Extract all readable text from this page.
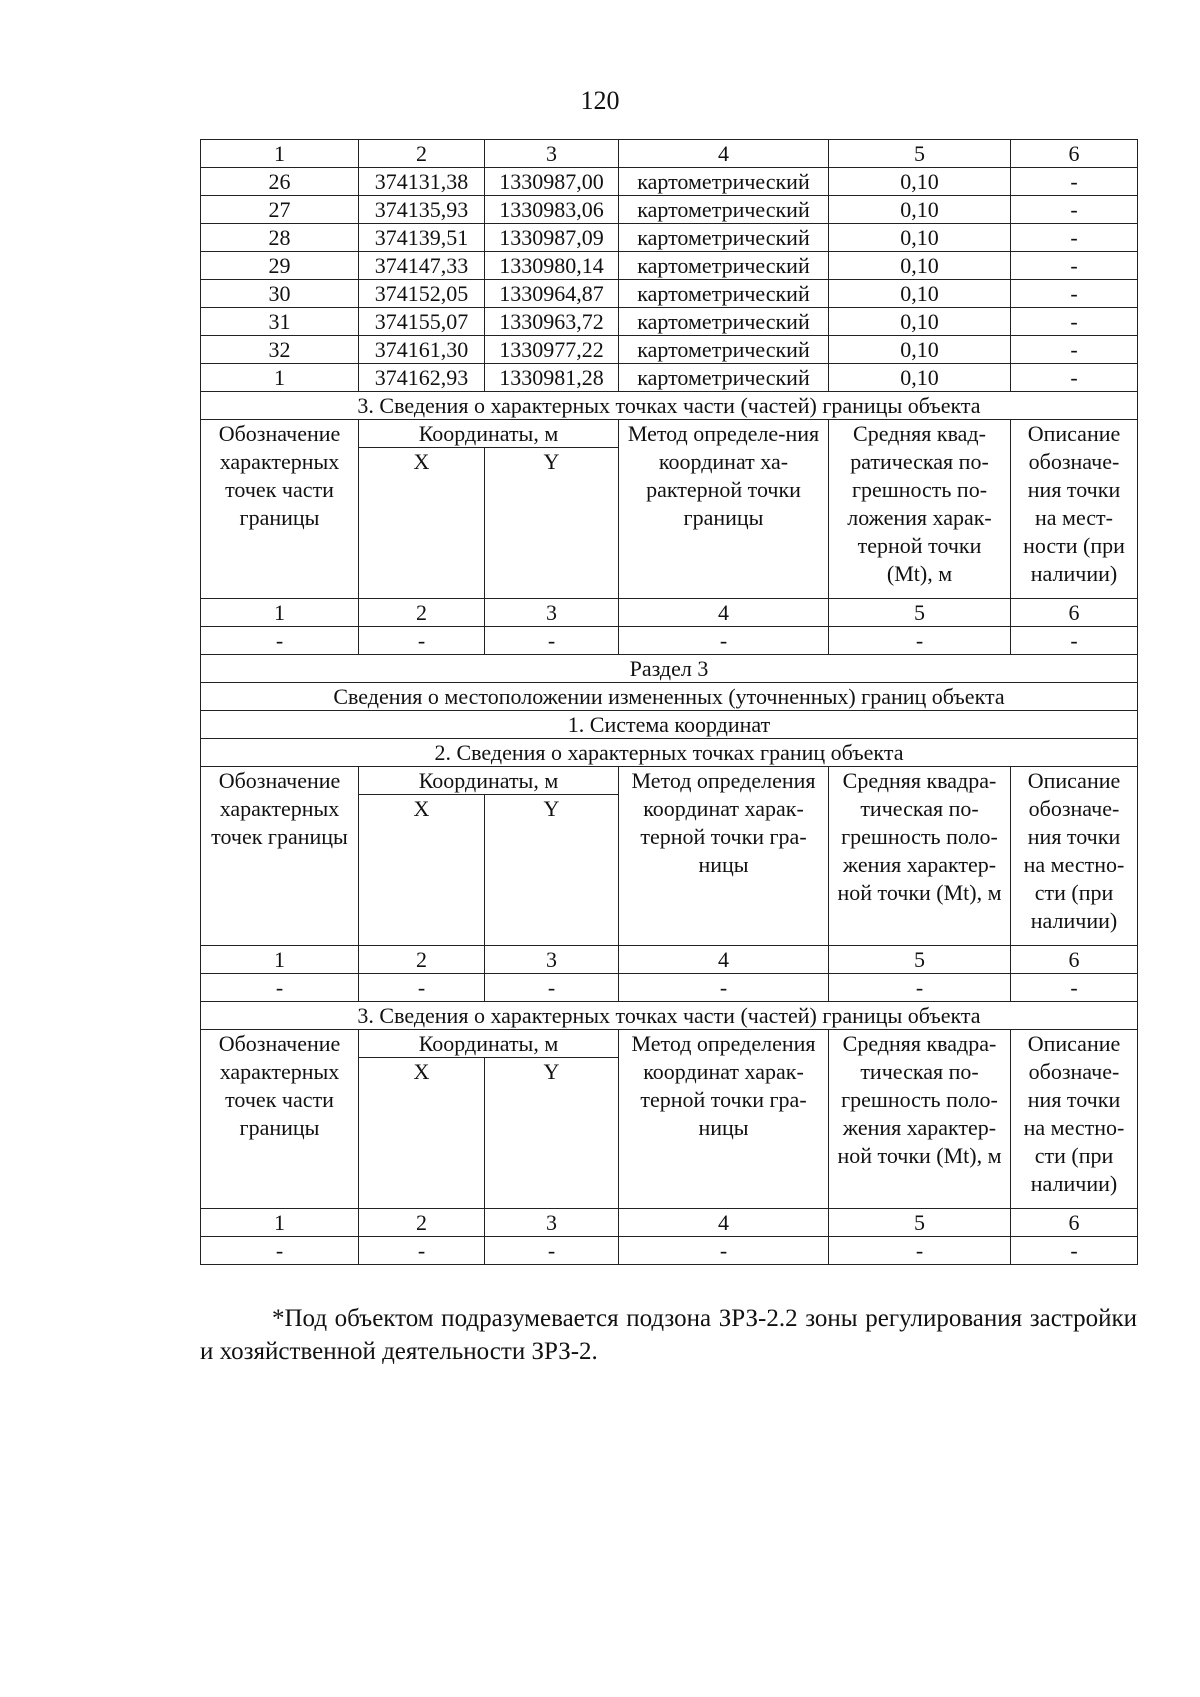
120
1	2	3	4	5	6
26	374131,38	1330987,00	картометрический	0,10	-
27	374135,93	1330983,06	картометрический	0,10	-
28	374139,51	1330987,09	картометрический	0,10	-
29	374147,33	1330980,14	картометрический	0,10	-
30	374152,05	1330964,87	картометрический	0,10	-
31	374155,07	1330963,72	картометрический	0,10	-
32	374161,30	1330977,22	картометрический	0,10	-
1	374162,93	1330981,28	картометрический	0,10	-
3. Сведения о характерных точках части (частей) границы объекта					
Обозначение характерных точек части границы	Координаты, м		Метод определе-ния координат ха-рактерной точки границы	Средняя квад-ратическая по-грешность по-ложения харак-терной точки (Mt), м	Описание обозначе-ния точки на мест-ности (при наличии)
	X	Y			
1	2	3	4	5	6
-	-	-	-	-	-
Раздел 3					
Сведения о местоположении измененных (уточненных) границ объекта					
1. Система координат					
2. Сведения о характерных точках границ объекта					
Обозначение характерных точек границы	Координаты, м		Метод определения координат харак-терной точки гра-ницы	Средняя квадра-тическая по-грешность поло-жения характер-ной точки (Mt), м	Описание обозначе-ния точки на местно-сти (при наличии)
	X	Y			
1	2	3	4	5	6
-	-	-	-	-	-
3. Сведения о характерных точках части (частей) границы объекта					
Обозначение характерных точек части границы	Координаты, м		Метод определения координат харак-терной точки гра-ницы	Средняя квадра-тическая по-грешность поло-жения характер-ной точки (Mt), м	Описание обозначе-ния точки на местно-сти (при наличии)
	X	Y			
1	2	3	4	5	6
-	-	-	-	-	-
*Под объектом подразумевается подзона ЗРЗ-2.2 зоны регулирования застройки и хозяйственной деятельности ЗРЗ-2.
